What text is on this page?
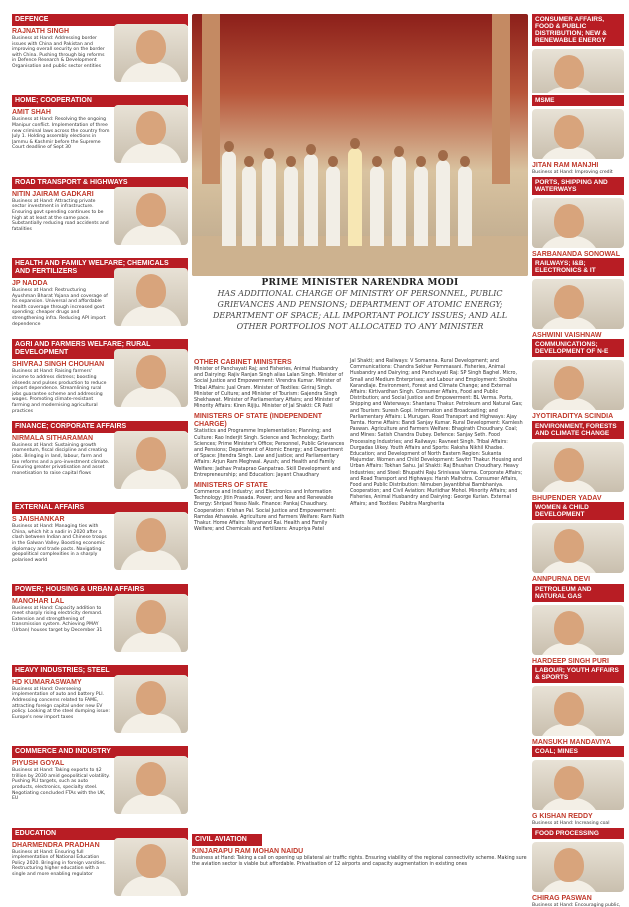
DEFENCE
RAJNATH SINGH
Business at Hand: Addressing border issues with China and Pakistan and improving overall security on the border with China. Pushing through big reforms in Defence Research & Development Organisation and public sector entities
HOME; COOPERATION
AMIT SHAH
Business at Hand: Resolving the ongoing Manipur conflict. Implementation of three new criminal laws across the country from July 1. Holding assembly elections in Jammu & Kashmir before the Supreme Court deadline of Sept 30
ROAD TRANSPORT & HIGHWAYS
NITIN JAIRAM GADKARI
Business at Hand: Attracting private sector investment in infrastructure. Ensuring govt spending continues to be high at at least at the same pace. Substantially reducing road accidents and fatalities
HEALTH AND FAMILY WELFARE; CHEMICALS AND FERTILIZERS
JP NADDA
Business at Hand: Restructuring Ayushman Bharat Yojana and coverage of its expansion. Universal and affordable health coverage through increased govt spending; cheaper drugs and strengthening infra. Reducing API import dependence
AGRI AND FARMERS WELFARE; RURAL DEVELOPMENT
SHIVRAJ SINGH CHOUHAN
Business at Hand: Raising farmers' income to address distress; boosting oilseeds and pulses production to reduce import dependence. Streamlining rural jobs guarantee scheme and addressing wages. Promoting climate-resistant farming and modernising agricultural practices
FINANCE; CORPORATE AFFAIRS
NIRMALA SITHARAMAN
Business at Hand: Sustaining growth momentum, fiscal discipline and creating jobs. Bringing in land, labour, farm and tax reforms and a pro-investment climate. Ensuring greater privatisation and asset monetisation to raise capital flows
EXTERNAL AFFAIRS
S JAISHANKAR
Business at Hand: Managing ties with China, which hit a nadir in 2020 after a clash between Indian and Chinese troops in the Galwan Valley. Boosting economic diplomacy and trade pacts. Navigating geopolitical complexities in a sharply polarised world
POWER; HOUSING & URBAN AFFAIRS
MANOHAR LAL
Business at Hand: Capacity addition to meet sharply rising electricity demand. Extension and strengthening of transmission system. Achieving PMAY (Urban) houses target by December 31
HEAVY INDUSTRIES; STEEL
HD KUMARASWAMY
Business at Hand: Overseeing implementation of auto and battery PLI. Addressing concerns related to FAME, attracting foreign capital under new EV policy. Looking at the steel dumping issue: Europe's new import taxes
COMMERCE AND INDUSTRY
PIYUSH GOYAL
Business at Hand: Taking exports to $2 trillion by 2030 amid geopolitical volatility. Pushing PLI targets, such as auto products, electronics, specialty steel. Negotiating concluded FTAs with the UK, EU
EDUCATION
DHARMENDRA PRADHAN
Business at Hand: Ensuring full implementation of National Education Policy 2020. Bringing in foreign varsities. Restructuring higher education with a single and more enabling regulator
PRIME MINISTER NARENDRA MODI

HAS ADDITIONAL CHARGE OF MINISTRY OF PERSONNEL, PUBLIC GRIEVANCES AND PENSIONS; DEPARTMENT OF ATOMIC ENERGY; DEPARTMENT OF SPACE; ALL IMPORTANT POLICY ISSUES; AND ALL OTHER PORTFOLIOS NOT ALLOCATED TO ANY MINISTER

OTHER CABINET MINISTERS
Minister of Panchayati Raj; and Fisheries, Animal Husbandry and Dairying: Rajiv Ranjan Singh alias Lalan Singh. Minister of Social Justice and Empowerment: Virendra Kumar. Minister of Tribal Affairs: Jual Oram. Minister of Textiles: Giriraj Singh. Minister of Culture; and Minister of Tourism: Gajendra Singh Shekhawat. Minister of Parliamentary Affairs; and Minister of Minority Affairs: Kiren Rijiju. Minister of Jal Shakti: CR Patil
MINISTERS OF STATE (INDEPENDENT CHARGE)
Statistics and Programme Implementation; Planning; and Culture: Rao Inderjit Singh. Science and Technology; Earth Sciences; Prime Minister's Office; Personnel, Public Grievances and Pensions; Department of Atomic Energy; and Department of Space: Jitendra Singh. Law and Justice; and Parliamentary Affairs: Arjun Ram Meghwal. Ayush; and Health and Family Welfare: Jadhav Prataprao Ganpatrao. Skill Development and Entrepreneurship; and Education: Jayant Chaudhary
MINISTERS OF STATE
Commerce and Industry; and Electronics and Information Technology: Jitin Prasada. Power; and New and Renewable Energy: Shripad Yesso Naik. Finance: Pankaj Chaudhary. Cooperation: Krishan Pal. Social Justice and Empowerment: Ramdas Athawale. Agriculture and Farmers Welfare: Ram Nath Thakur. Home Affairs: Nityanand Rai. Health and Family Welfare; and Chemicals and Fertilizers: Anupriya Patel
Jal Shakti; and Railways: V Somanna. Rural Development; and Communications: Chandra Sekhar Pemmasani. Fisheries, Animal Husbandry and Dairying; and Panchayati Raj: SP Singh Baghel. Micro, Small and Medium Enterprises; and Labour and Employment: Shobha Karandlaje. Environment, Forest and Climate Change; and External Affairs: Kirtivardhan Singh. Consumer Affairs, Food and Public Distribution; and Social Justice and Empowerment: BL Verma. Ports, Shipping and Waterways: Shantanu Thakur. Petroleum and Natural Gas; and Tourism: Suresh Gopi. Information and Broadcasting; and Parliamentary Affairs: L Murugan. Road Transport and Highways: Ajay Tamta. Home Affairs: Bandi Sanjay Kumar. Rural Development: Kamlesh Paswan. Agriculture and Farmers Welfare: Bhagirath Choudhary. Coal; and Mines: Satish Chandra Dubey. Defence: Sanjay Seth. Food Processing Industries; and Railways: Ravneet Singh. Tribal Affairs: Durgadas Uikey. Youth Affairs and Sports: Raksha Nikhil Khadse. Education; and Development of North Eastern Region: Sukanta Majumdar. Women and Child Development: Savitri Thakur. Housing and Urban Affairs: Tokhan Sahu. Jal Shakti: Raj Bhushan Choudhary. Heavy Industries; and Steel: Bhupathi Raju Srinivasa Varma. Corporate Affairs; and Road Transport and Highways: Harsh Malhotra. Consumer Affairs, Food and Public Distribution: Nimuben Jayantibhai Bambhaniya. Cooperation; and Civil Aviation: Murlidhar Mohol. Minority Affairs; and Fisheries, Animal Husbandry and Dairying: George Kurian. External Affairs; and Textiles: Pabitra Margherita
CIVIL AVIATION
KINJARAPU RAM MOHAN NAIDU
Business at Hand: Taking a call on opening up bilateral air traffic rights. Ensuring viability of the regional connectivity scheme. Making sure the aviation sector is viable but affordable. Privatisation of 12 airports and capacity augmentation in existing ones
CONSUMER AFFAIRS, FOOD & PUBLIC DISTRIBUTION; NEW & RENEWABLE ENERGY
MSME
JITAN RAM MANJHI
Business at Hand: Improving credit
PORTS, SHIPPING AND WATERWAYS
SARBANANDA SONOWAL
RAILWAYS; I&B; ELECTRONICS & IT
ASHWINI VAISHNAW
COMMUNICATIONS; DEVELOPMENT OF N-E
JYOTIRADITYA SCINDIA
ENVIRONMENT, FORESTS AND CLIMATE CHANGE
BHUPENDER YADAV
WOMEN & CHILD DEVELOPMENT
ANNPURNA DEVI
PETROLEUM AND NATURAL GAS
HARDEEP SINGH PURI
LABOUR; YOUTH AFFAIRS & SPORTS
MANSUKH MANDAVIYA
COAL; MINES
G KISHAN REDDY
Business at Hand: Increasing coal
FOOD PROCESSING
CHIRAG PASWAN
Business at Hand: Encouraging public,
